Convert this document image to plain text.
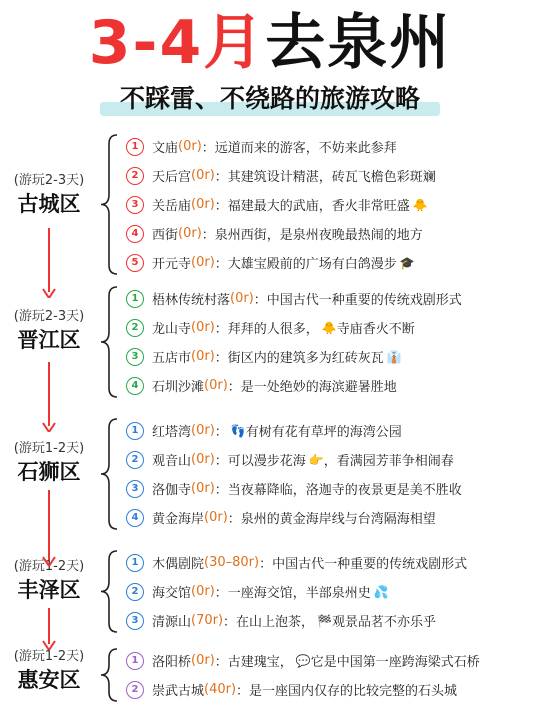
3-4月去泉州
不踩雷、不绕路的旅游攻略
(游玩2-3天)
古城区
1	文庙 (0r) ：远道而来的游客，不妨来此参拜
2	天后宫 (0r) ：其建筑设计精湛，砖瓦飞檐色彩斑斓
3	关岳庙 (0r) ：福建最大的武庙，香火非常旺盛 🐥
4	西街 (0r) ：泉州西街，是泉州夜晚最热闹的地方
5	开元寺 (0r) ：大雄宝殿前的广场有白鸽漫步 🎓
(游玩2-3天)
晋江区
1	梧林传统村落 (0r) ：中国古代一种重要的传统戏剧形式
2	龙山寺 (0r) ：拜拜的人很多， 🐥 寺庙香火不断
3	五店市 (0r) ：街区内的建筑多为红砖灰瓦 👔
4	石圳沙滩 (0r) ：是一处绝妙的海滨避暑胜地
(游玩1-2天)
石狮区
1	红塔湾 (0r) ： 👣 有树有花有草坪的海湾公园
2	观音山 (0r) ：可以漫步花海 👉 ，看满园芳菲争相闹春
3	洛伽寺 (0r) ：当夜幕降临，洛迦寺的夜景更是美不胜收
4	黄金海岸 (0r) ：泉州的黄金海岸线与台湾隔海相望
(游玩1-2天)
丰泽区
1	木偶剧院 (30–80r) ：中国古代一种重要的传统戏剧形式
2	海交馆 (0r) ：一座海交馆，半部泉州史 💦
3	清源山 (70r) ：在山上泡茶， 🏁 观景品茗不亦乐乎
(游玩1-2天)
惠安区
1	洛阳桥 (0r) ：古建瑰宝， 💬 它是中国第一座跨海梁式石桥
2	崇武古城 (40r) ：是一座国内仅存的比较完整的石头城
